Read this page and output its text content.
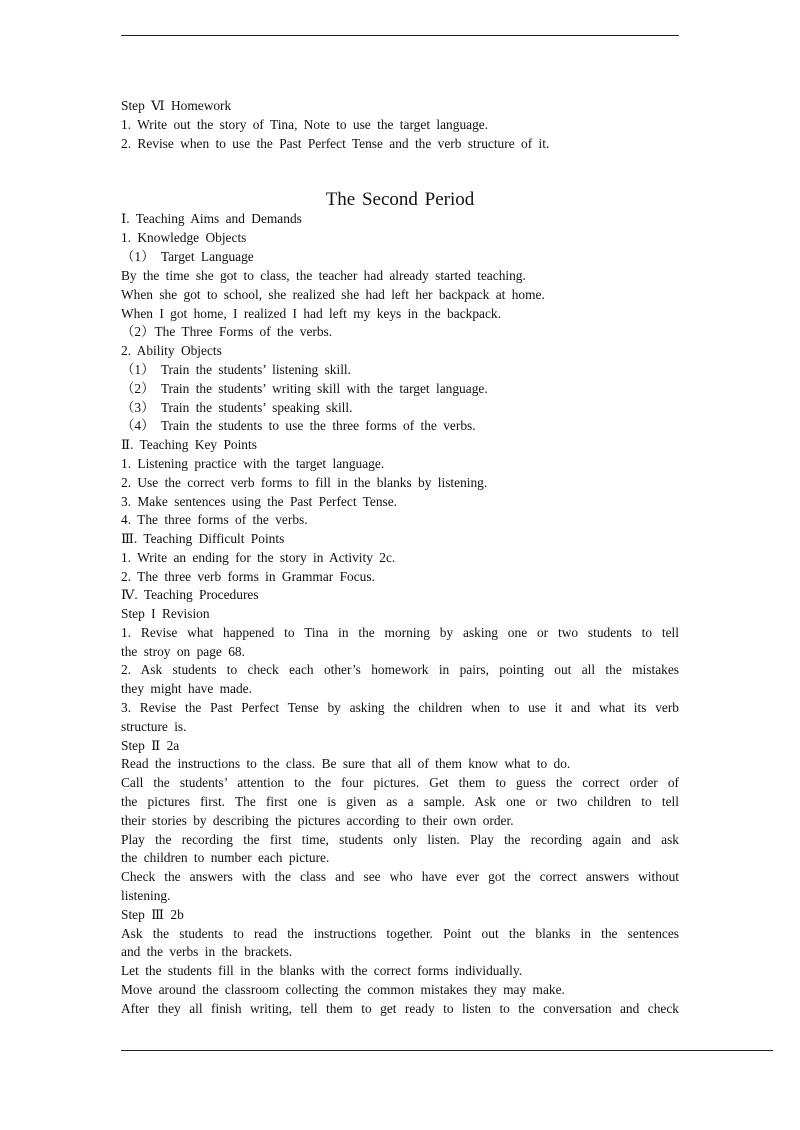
Step Ⅵ Homework
1. Write out the story of Tina, Note to use the target language.
2. Revise when to use the Past Perfect Tense and the verb structure of it.
The Second Period
Ⅰ. Teaching Aims and Demands
1. Knowledge Objects
（1） Target Language
By the time she got to class, the teacher had already started teaching.
When she got to school, she realized she had left her backpack at home.
When I got home, I realized I had left my keys in the backpack.
（2）The Three Forms of the verbs.
2. Ability Objects
（1） Train the students’ listening skill.
（2） Train the students’ writing skill with the target language.
（3） Train the students’ speaking skill.
（4） Train the students to use the three forms of the verbs.
Ⅱ. Teaching Key Points
1. Listening practice with the target language.
2. Use the correct verb forms to fill in the blanks by listening.
3. Make sentences using the Past Perfect Tense.
4. The three forms of the verbs.
Ⅲ. Teaching Difficult Points
1. Write an ending for the story in Activity 2c.
2. The three verb forms in Grammar Focus.
Ⅳ. Teaching Procedures
Step I Revision
1. Revise what happened to Tina in the morning by asking one or two students to tell
the stroy on page 68.
2. Ask students to check each other’s homework in pairs, pointing out all the mistakes
they might have made.
3. Revise the Past Perfect Tense by asking the children when to use it and what its verb
structure is.
Step Ⅱ 2a
Read the instructions to the class. Be sure that all of them know what to do.
Call the students’ attention to the four pictures. Get them to guess the correct order of
the pictures first. The first one is given as a sample. Ask one or two children to tell
their stories by describing the pictures according to their own order.
Play the recording the first time, students only listen. Play the recording again and ask
the children to number each picture.
Check the answers with the class and see who have ever got the correct answers without
listening.
Step Ⅲ 2b
Ask the students to read the instructions together. Point out the blanks in the sentences
and the verbs in the brackets.
Let the students fill in the blanks with the correct forms individually.
Move around the classroom collecting the common mistakes they may make.
After they all finish writing, tell them to get ready to listen to the conversation and check
